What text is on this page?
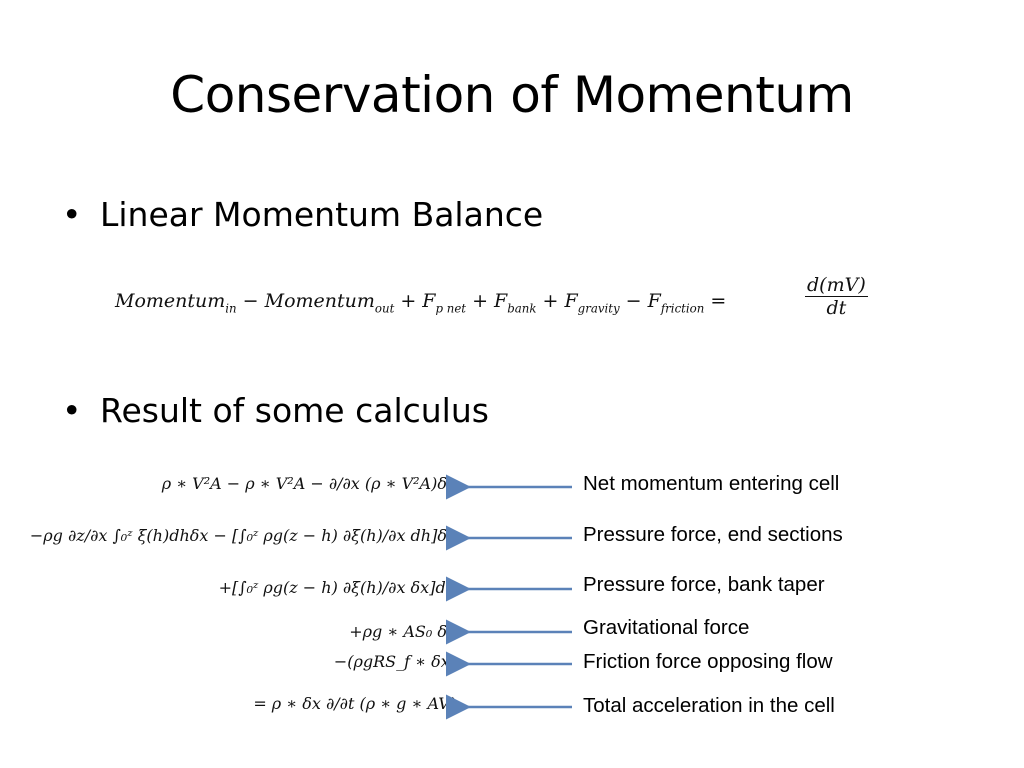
Conservation of Momentum
• Linear Momentum Balance
Momentum$_{in}$ − Momentum$_{out}$ + $F_{p net} + F_{bank} + F_{gravity} - F_{friction}$ =	$\frac{d(mV)}{dt}$
• Result of some calculus
ρ ∗ V²A − ρ ∗ V²A − ∂/∂x (ρ ∗ V²A)δx
−ρg ∂z/∂x ∫₀ᶻ ξ(h)dhδx − [∫₀ᶻ ρg(z − h) ∂ξ(h)/∂x dh]δx
+[∫₀ᶻ ρg(z − h) ∂ξ(h)/∂x δx]dh
+ρg ∗ AS₀ δx
−(ρgRS_f ∗ δx)
= ρ ∗ δx ∂/∂t (ρ ∗ g ∗ AV)
Net momentum entering cell
Pressure force, end sections
Pressure force, bank taper
Gravitational force
Friction force opposing flow
Total acceleration in the cell
